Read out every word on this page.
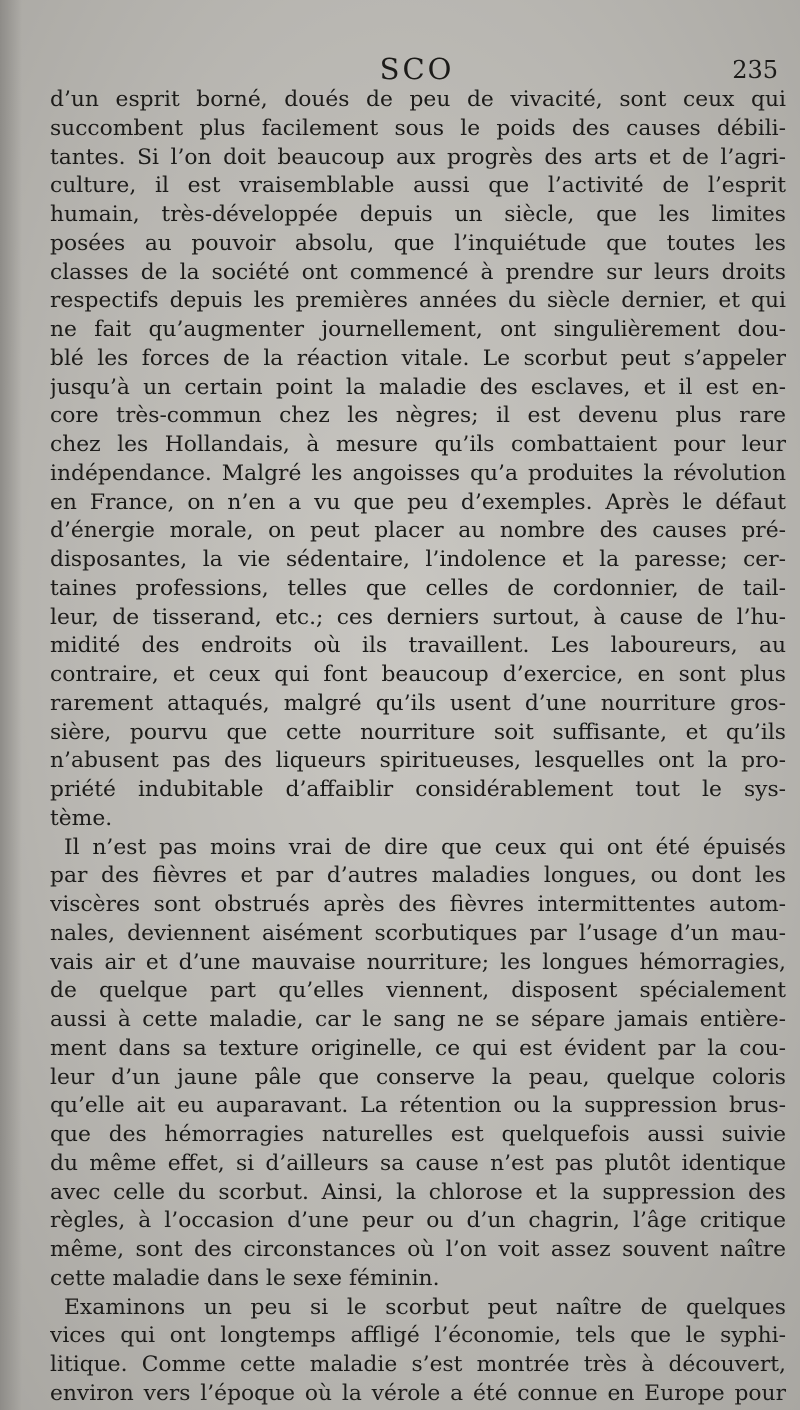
SCO	235
d’un esprit borné, doués de peu de vivacité, sont ceux qui
succombent plus facilement sous le poids des causes débili-
tantes. Si l’on doit beaucoup aux progrès des arts et de l’agri-
culture, il est vraisemblable aussi que l’activité de l’esprit
humain, très-développée depuis un siècle, que les limites
posées au pouvoir absolu, que l’inquiétude que toutes les
classes de la société ont commencé à prendre sur leurs droits
respectifs depuis les premières années du siècle dernier, et qui
ne fait qu’augmenter journellement, ont singulièrement dou-
blé les forces de la réaction vitale. Le scorbut peut s’appeler
jusqu’à un certain point la maladie des esclaves, et il est en-
core très-commun chez les nègres; il est devenu plus rare
chez les Hollandais, à mesure qu’ils combattaient pour leur
indépendance. Malgré les angoisses qu’a produites la révolution
en France, on n’en a vu que peu d’exemples. Après le défaut
d’énergie morale, on peut placer au nombre des causes pré-
disposantes, la vie sédentaire, l’indolence et la paresse; cer-
taines professions, telles que celles de cordonnier, de tail-
leur, de tisserand, etc.; ces derniers surtout, à cause de l’hu-
midité des endroits où ils travaillent. Les laboureurs, au
contraire, et ceux qui font beaucoup d’exercice, en sont plus
rarement attaqués, malgré qu’ils usent d’une nourriture gros-
sière, pourvu que cette nourriture soit suffisante, et qu’ils
n’abusent pas des liqueurs spiritueuses, lesquelles ont la pro-
priété indubitable d’affaiblir considérablement tout le sys-
tème.
Il n’est pas moins vrai de dire que ceux qui ont été épuisés
par des fièvres et par d’autres maladies longues, ou dont les
viscères sont obstrués après des fièvres intermittentes autom-
nales, deviennent aisément scorbutiques par l’usage d’un mau-
vais air et d’une mauvaise nourriture; les longues hémorragies,
de quelque part qu’elles viennent, disposent spécialement
aussi à cette maladie, car le sang ne se sépare jamais entière-
ment dans sa texture originelle, ce qui est évident par la cou-
leur d’un jaune pâle que conserve la peau, quelque coloris
qu’elle ait eu auparavant. La rétention ou la suppression brus-
que des hémorragies naturelles est quelquefois aussi suivie
du même effet, si d’ailleurs sa cause n’est pas plutôt identique
avec celle du scorbut. Ainsi, la chlorose et la suppression des
règles, à l’occasion d’une peur ou d’un chagrin, l’âge critique
même, sont des circonstances où l’on voit assez souvent naître
cette maladie dans le sexe féminin.
Examinons un peu si le scorbut peut naître de quelques
vices qui ont longtemps affligé l’économie, tels que le syphi-
litique. Comme cette maladie s’est montrée très à découvert,
environ vers l’époque où la vérole a été connue en Europe pour
